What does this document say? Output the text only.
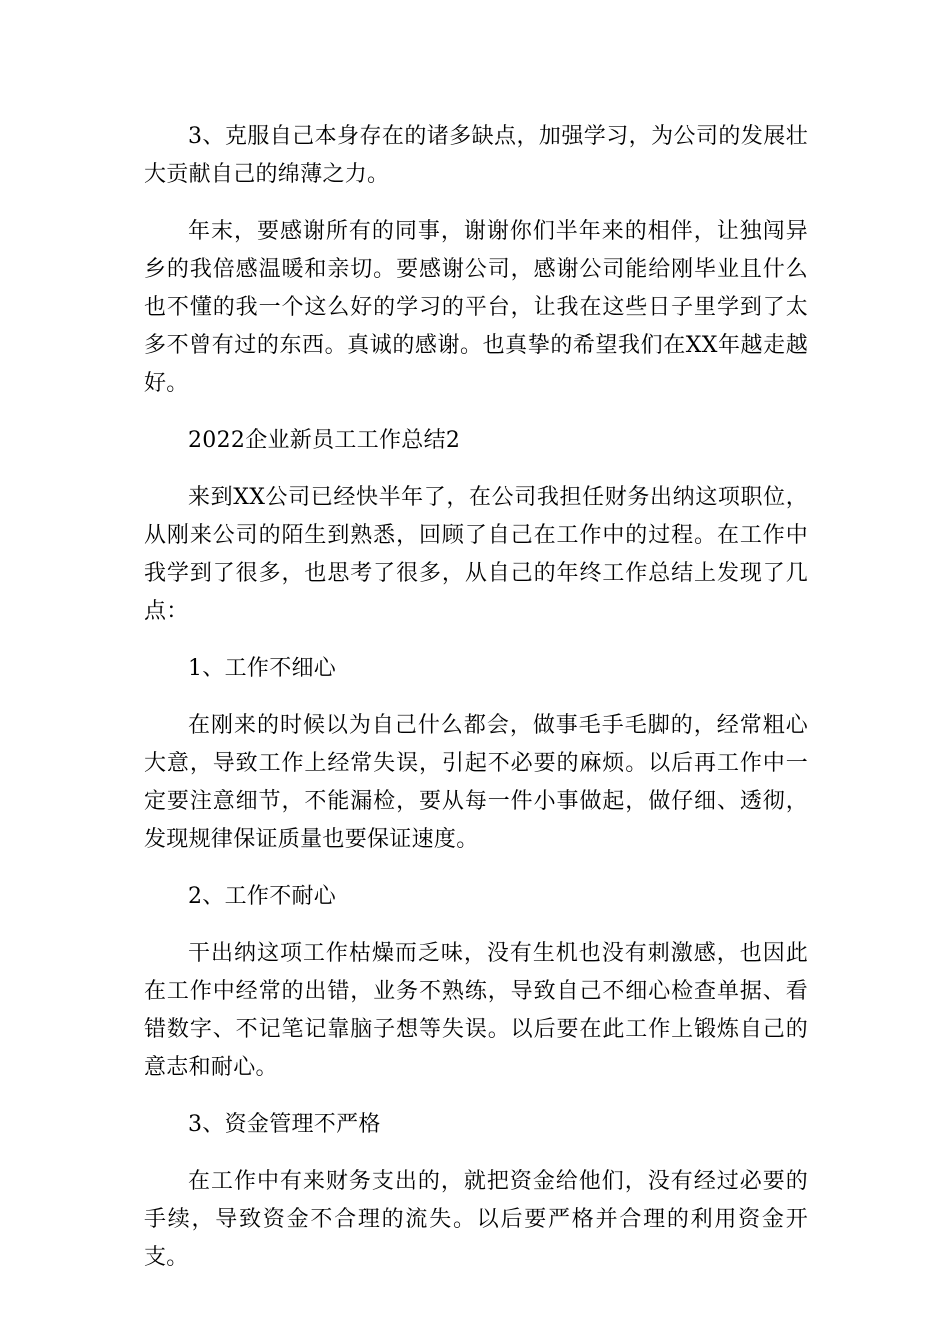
3、克服自己本身存在的诸多缺点，加强学习，为公司的发展壮大贡献自己的绵薄之力。

年末，要感谢所有的同事，谢谢你们半年来的相伴，让独闯异乡的我倍感温暖和亲切。要感谢公司，感谢公司能给刚毕业且什么也不懂的我一个这么好的学习的平台，让我在这些日子里学到了太多不曾有过的东西。真诚的感谢。也真挚的希望我们在XX年越走越好。

2022企业新员工工作总结2

来到XX公司已经快半年了，在公司我担任财务出纳这项职位，从刚来公司的陌生到熟悉，回顾了自己在工作中的过程。在工作中我学到了很多，也思考了很多，从自己的年终工作总结上发现了几点：

1、工作不细心

在刚来的时候以为自己什么都会，做事毛手毛脚的，经常粗心大意，导致工作上经常失误，引起不必要的麻烦。以后再工作中一定要注意细节，不能漏检，要从每一件小事做起，做仔细、透彻，发现规律保证质量也要保证速度。

2、工作不耐心

干出纳这项工作枯燥而乏味，没有生机也没有刺激感，也因此在工作中经常的出错，业务不熟练，导致自己不细心检查单据、看错数字、不记笔记靠脑子想等失误。以后要在此工作上锻炼自己的意志和耐心。

3、资金管理不严格

在工作中有来财务支出的，就把资金给他们，没有经过必要的手续，导致资金不合理的流失。以后要严格并合理的利用资金开支。
